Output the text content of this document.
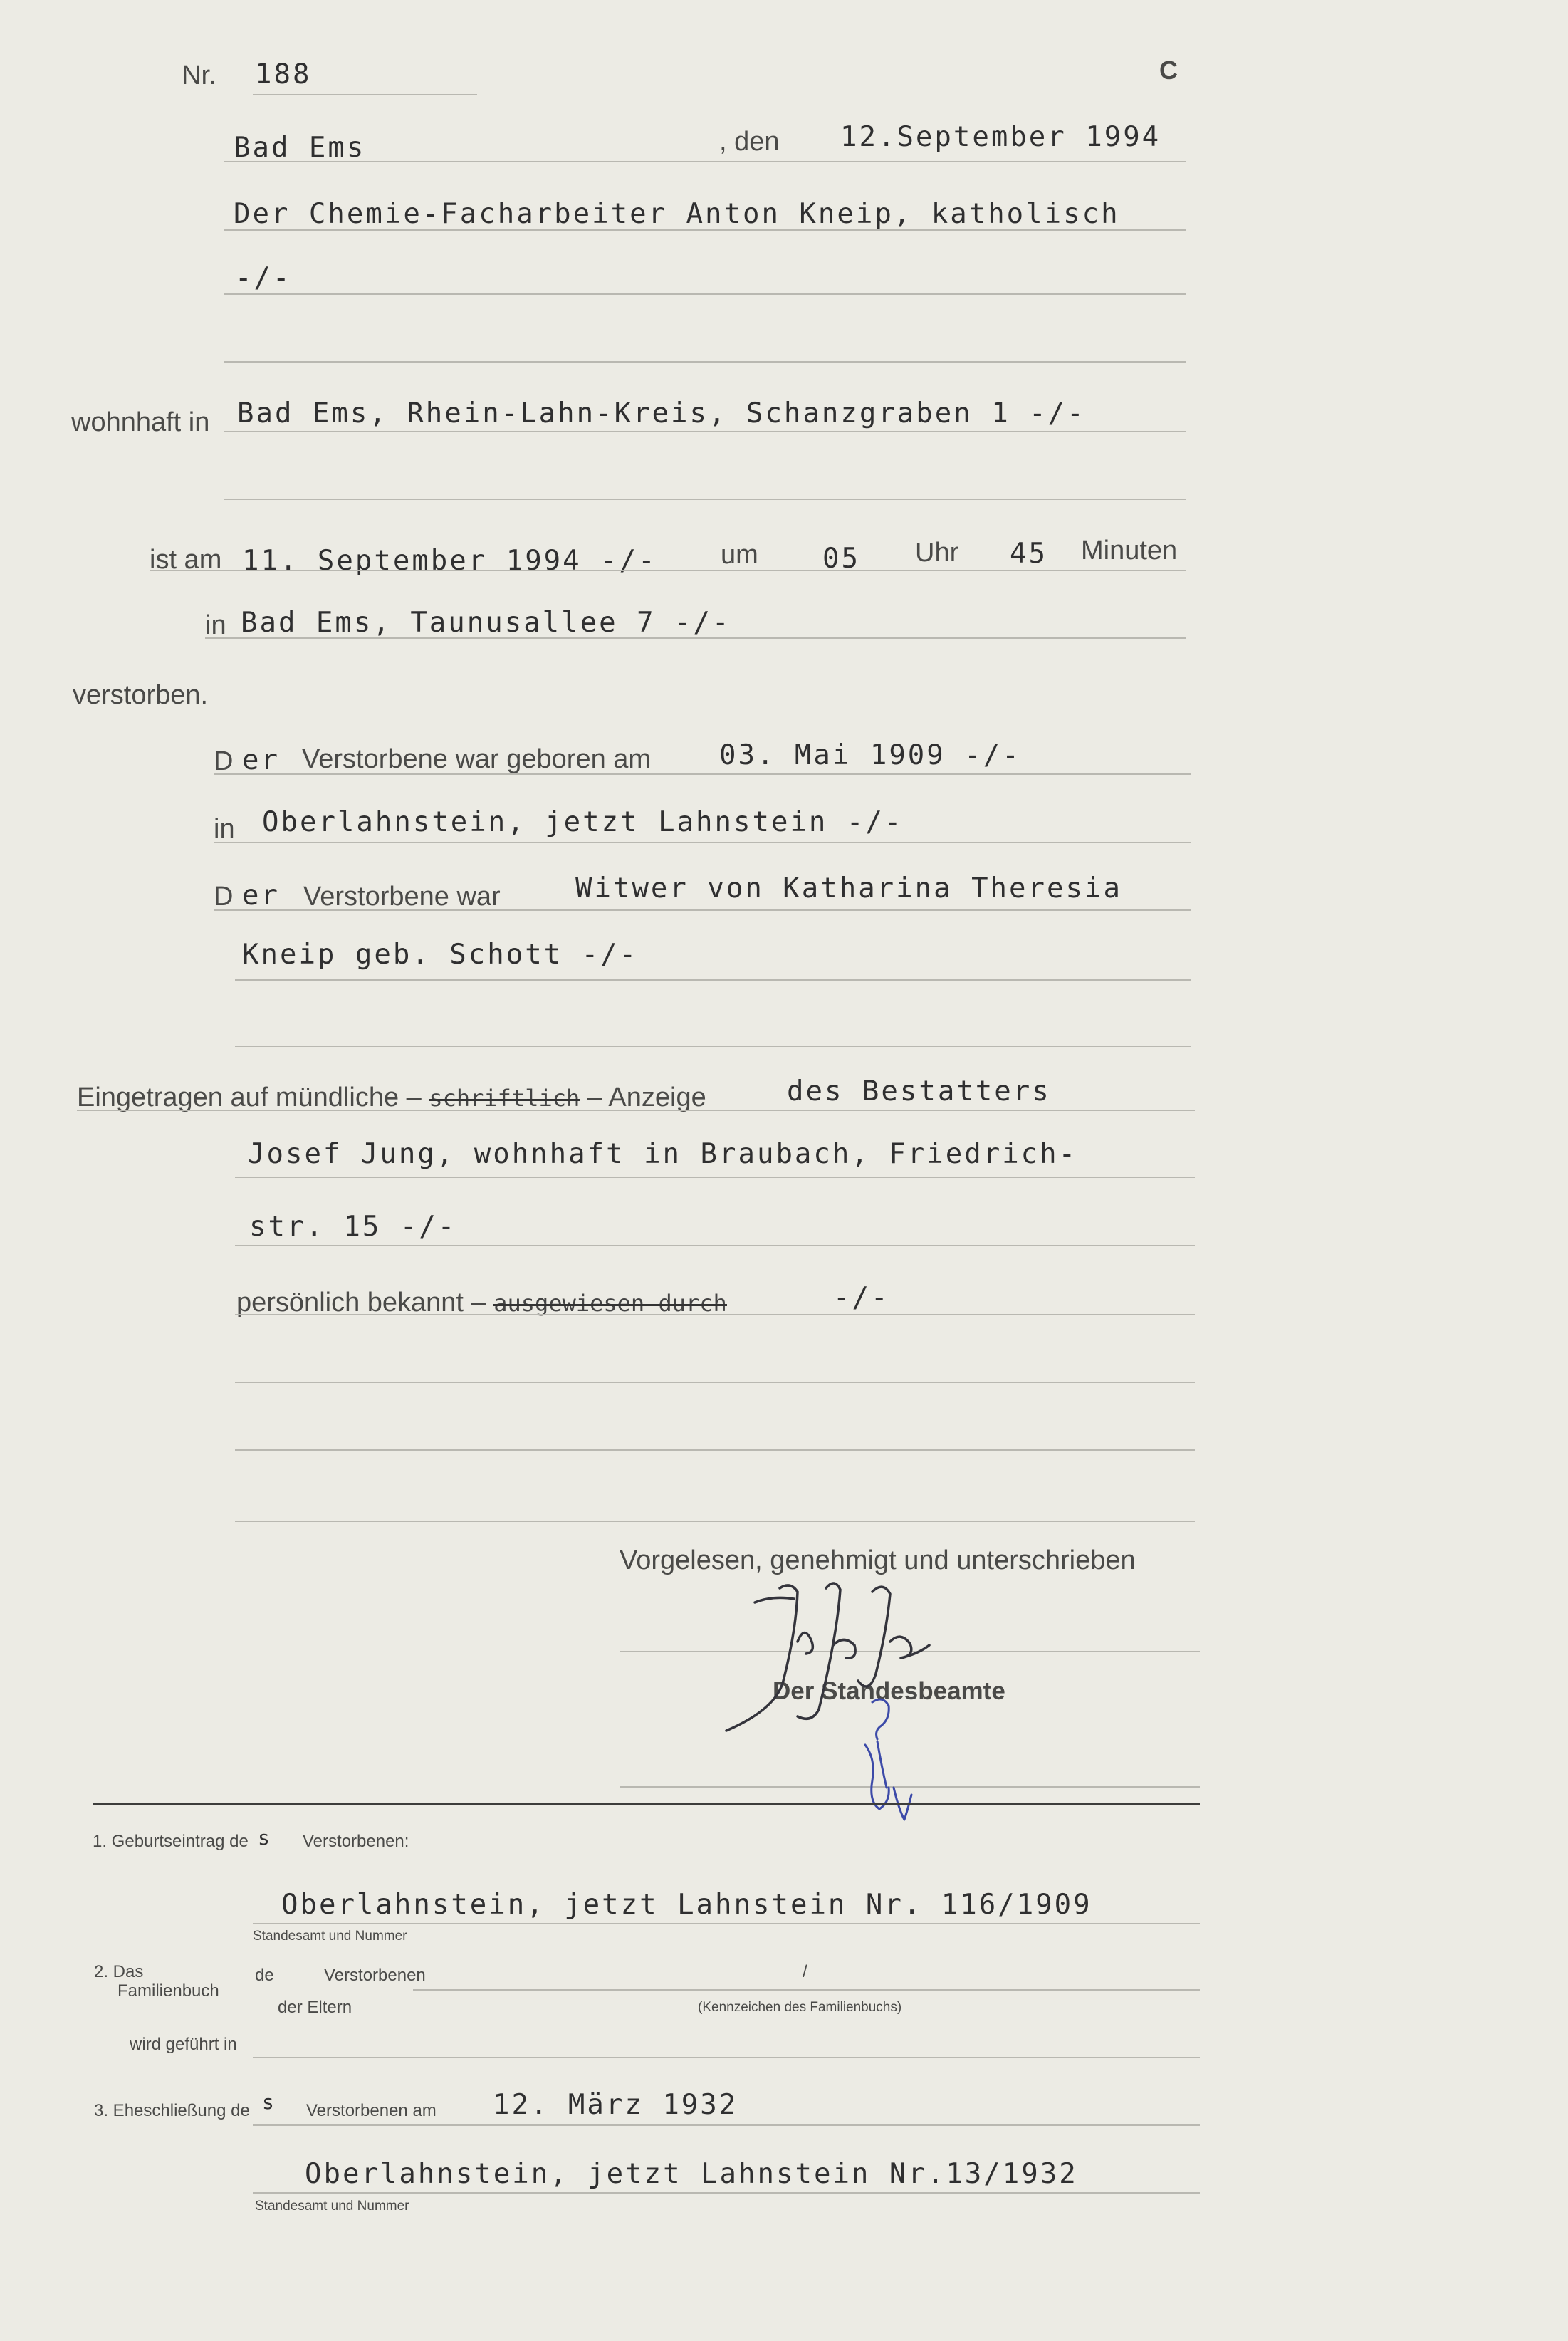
Nr. 188	C
Bad Ems	, den 12.September 1994
Der Chemie-Facharbeiter Anton Kneip, katholisch
-/-
wohnhaft in Bad Ems, Rhein-Lahn-Kreis, Schanzgraben 1 -/-
ist am 11. September 1994 -/- um 05 Uhr 45 Minuten
in Bad Ems, Taunusallee 7 -/-
verstorben.
D er Verstorbene war geboren am 03. Mai 1909 -/-
in Oberlahnstein, jetzt Lahnstein -/-
D er Verstorbene war	Witwer von Katharina Theresia
Kneip geb. Schott -/-
Eingetragen auf mündliche – schriftlich – Anzeige	des Bestatters
Josef Jung, wohnhaft in Braubach, Friedrich-
str. 15 -/-
persönlich bekannt – ausgewiesen durch	-/-
Vorgelesen, genehmigt und unterschrieben
Der Standesbeamte
1. Geburtseintrag de s Verstorbenen:
Oberlahnstein, jetzt Lahnstein Nr. 116/1909
Standesamt und Nummer
2. Das
Familienbuch
de	Verstorbenen
der Eltern
/
(Kennzeichen des Familienbuchs)
wird geführt in
3. Eheschließung de s Verstorbenen am 12. März 1932
Oberlahnstein, jetzt Lahnstein Nr.13/1932
Standesamt und Nummer
